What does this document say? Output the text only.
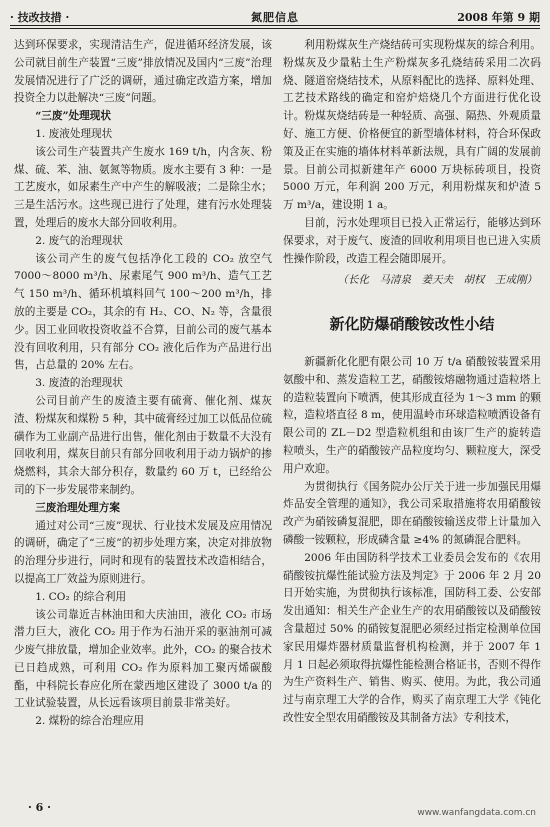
· 技改技措 ·	氮肥信息	2008 年第 9 期

达到环保要求，实现清洁生产，促进循环经济发展，该公司就目前生产装置“三废”排放情况及国内“三废”治理发展情况进行了广泛的调研，通过确定改造方案，增加投资全力以赴解决“三废”问题。

“三废”处理现状

1. 废液处理现状

该公司生产装置共产生废水 169 t/h，内含灰、粉煤、硫、苯、油、氨氮等物质。废水主要有 3 种：一是工艺废水，如尿素生产中产生的解吸液；二是除尘水；三是生活污水。这些现已进行了处理，建有污水处理装置，处理后的废水大部分回收利用。

2. 废气的治理现状

该公司产生的废气包括净化工段的 CO₂ 放空气 7000～8000 m³/h、尿素尾气 900 m³/h、造气工艺气 150 m³/h、循环机填料回气 100～200 m³/h，排放的主要是 CO₂，其余的有 H₂、CO、N₂ 等，含量很少。因工业回收投资收益不合算，目前公司的废气基本没有回收利用，只有部分 CO₂ 液化后作为产品进行出售，占总量的 20% 左右。

3. 废渣的治理现状

公司目前产生的废渣主要有硫膏、催化剂、煤灰渣、粉煤灰和煤粉 5 种，其中硫膏经过加工以低品位硫磺作为工业副产品进行出售，催化剂由于数量不大没有回收利用，煤灰目前只有部分回收利用于动力锅炉的掺烧燃料，其余大部分积存，数量约 60 万 t，已经给公司的下一步发展带来制约。

三废治理处理方案

通过对公司“三废”现状、行业技术发展及应用情况的调研，确定了“三废”的初步处理方案，决定对排放物的治理分步进行，同时和现有的装置技术改造相结合，以提高工厂效益为原则进行。

1. CO₂ 的综合利用

该公司靠近吉林油田和大庆油田，液化 CO₂ 市场潜力巨大，液化 CO₂ 用于作为石油开采的驱油剂可减少废气排放量，增加企业效率。此外，CO₂ 的聚合技术已日趋成熟，可利用 CO₂ 作为原料加工聚丙烯碳酸酯，中科院长春应化所在蒙西地区建设了 3000 t/a 的工业试验装置，从长远看该项目前景非常美好。

2. 煤粉的综合治理应用

利用粉煤灰生产烧结砖可实现粉煤灰的综合利用。粉煤灰及少量粘土生产粉煤灰多孔烧结砖采用二次码烧、隧道窑烧结技术，从原料配比的选择、原料处理、工艺技术路线的确定和窑炉焙烧几个方面进行优化设计。粉煤灰烧结砖是一种轻质、高强、隔热、外观质量好、施工方便、价格便宜的新型墙体材料，符合环保政策及正在实施的墙体材料革新法规，具有广阔的发展前景。目前公司拟新建年产 6000 万块标砖项目，投资 5000 万元，年利润 200 万元，利用粉煤灰和炉渣 5 万 m³/a，建设期 1 a。

目前，污水处理项目已投入正常运行，能够达到环保要求，对于废气、废渣的回收利用项目也已进入实质性操作阶段，改造工程会随即展开。

（长化　马清泉　姜天夫　胡权　王成刚）
新化防爆硝酸铵改性小结

新疆新化化肥有限公司 10 万 t/a 硝酸铵装置采用氨酸中和、蒸发造粒工艺，硝酸铵熔融物通过造粒塔上的造粒装置向下喷洒，使其形成直径为 1～3 mm 的颗粒，造粒塔直径 8 m，使用温岭市环球造粒喷洒设备有限公司的 ZL－D2 型造粒机组和由该厂生产的旋转造粒喷头，生产的硝酸铵产品粒度均匀、颗粒度大，深受用户欢迎。

为贯彻执行《国务院办公厅关于进一步加强民用爆炸品安全管理的通知》，我公司采取措施将农用硝酸铵改产为硝铵磷复混肥，即在硝酸铵输送皮带上计量加入磷酸一铵颗粒，形成磷含量 ≥4% 的氮磷混合肥料。

2006 年由国防科学技术工业委员会发布的《农用硝酸铵抗爆性能试验方法及判定》于 2006 年 2 月 20 日开始实施，为贯彻执行该标准，国防科工委、公安部发出通知：相关生产企业生产的农用硝酸铵以及硝酸铵含量超过 50% 的硝铵复混肥必须经过指定检测单位国家民用爆炸器材质量监督机构检测，并于 2007 年 1 月 1 日起必须取得抗爆性能检测合格证书，否则不得作为生产资料生产、销售、购买、使用。为此，我公司通过与南京理工大学的合作，购买了南京理工大学《钝化改性安全型农用硝酸铵及其制备方法》专利技术，

· 6 ·	www.wanfangdata.com.cn
